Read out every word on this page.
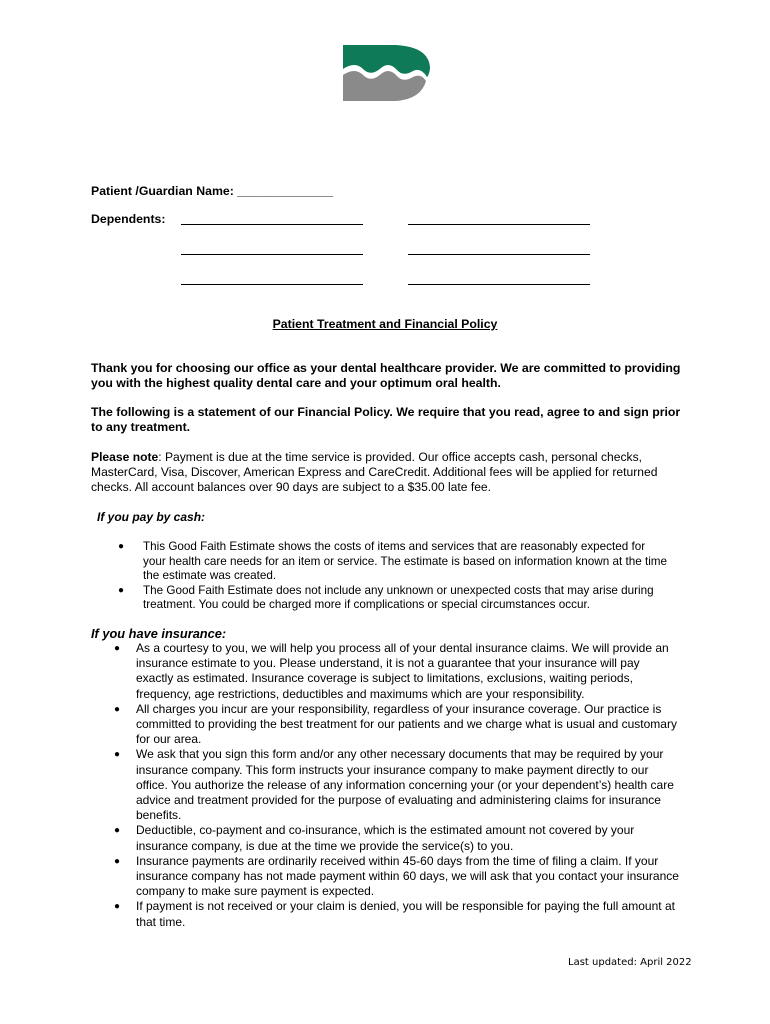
Patient /Guardian Name: ______________
Dependents:
Patient Treatment and Financial Policy
Thank you for choosing our office as your dental healthcare provider. We are committed to providing you with the highest quality dental care and your optimum oral health.
The following is a statement of our Financial Policy. We require that you read, agree to and sign prior to any treatment.
Please note: Payment is due at the time service is provided. Our office accepts cash, personal checks, MasterCard, Visa, Discover, American Express and CareCredit. Additional fees will be applied for returned checks. All account balances over 90 days are subject to a $35.00 late fee.
If you pay by cash:
● This Good Faith Estimate shows the costs of items and services that are reasonably expected for your health care needs for an item or service. The estimate is based on information known at the time the estimate was created.
● The Good Faith Estimate does not include any unknown or unexpected costs that may arise during treatment. You could be charged more if complications or special circumstances occur.
If you have insurance:
● As a courtesy to you, we will help you process all of your dental insurance claims. We will provide an insurance estimate to you. Please understand, it is not a guarantee that your insurance will pay exactly as estimated. Insurance coverage is subject to limitations, exclusions, waiting periods, frequency, age restrictions, deductibles and maximums which are your responsibility.
● All charges you incur are your responsibility, regardless of your insurance coverage. Our practice is committed to providing the best treatment for our patients and we charge what is usual and customary for our area.
● We ask that you sign this form and/or any other necessary documents that may be required by your insurance company. This form instructs your insurance company to make payment directly to our office. You authorize the release of any information concerning your (or your dependent’s) health care advice and treatment provided for the purpose of evaluating and administering claims for insurance benefits.
● Deductible, co-payment and co-insurance, which is the estimated amount not covered by your insurance company, is due at the time we provide the service(s) to you.
● Insurance payments are ordinarily received within 45-60 days from the time of filing a claim. If your insurance company has not made payment within 60 days, we will ask that you contact your insurance company to make sure payment is expected.
● If payment is not received or your claim is denied, you will be responsible for paying the full amount at that time.
Last updated: April 2022
